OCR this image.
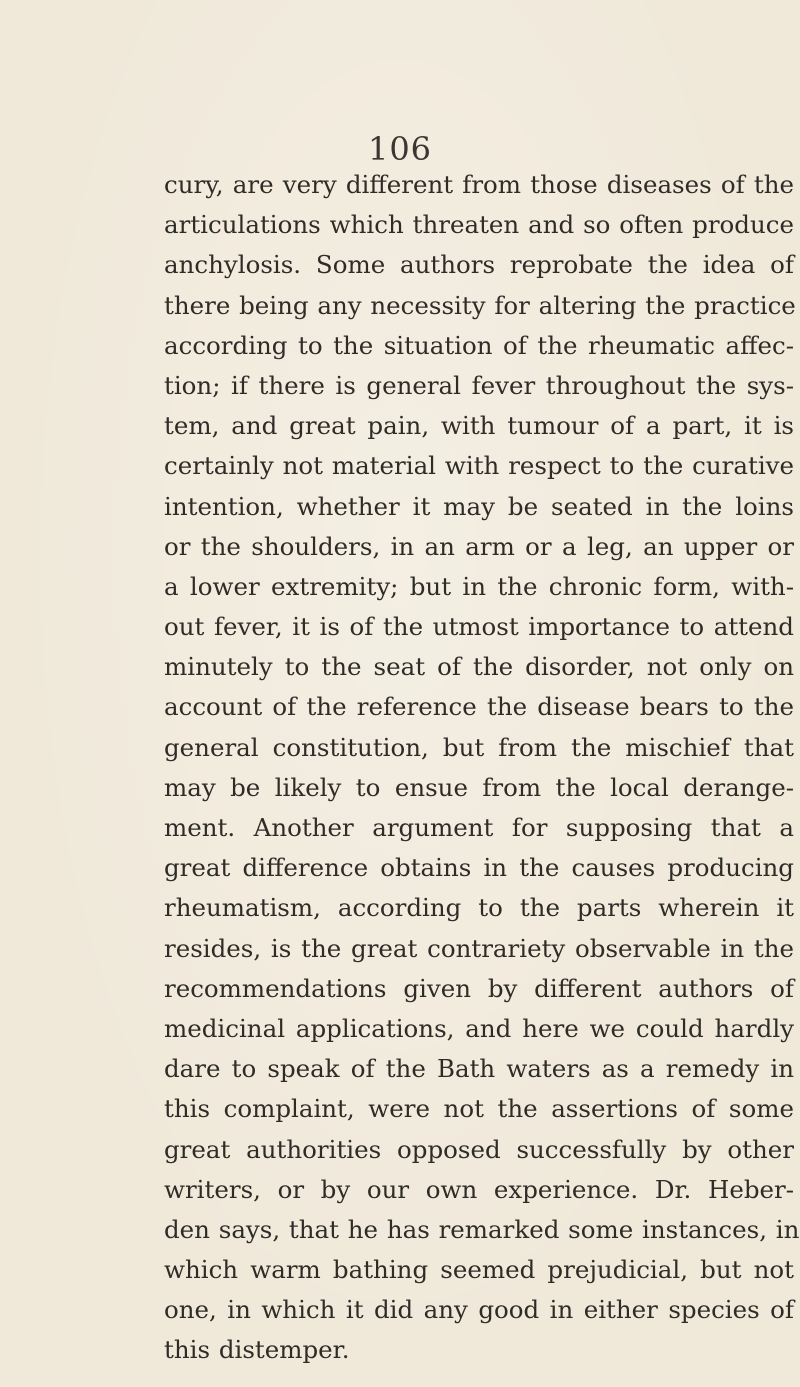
106
cury, are very different from those diseases of the
articulations which threaten and so often produce
anchylosis. Some authors reprobate the idea of
there being any necessity for altering the practice
according to the situation of the rheumatic affec-
tion; if there is general fever throughout the sys-
tem, and great pain, with tumour of a part, it is
certainly not material with respect to the curative
intention, whether it may be seated in the loins
or the shoulders, in an arm or a leg, an upper or
a lower extremity; but in the chronic form, with-
out fever, it is of the utmost importance to attend
minutely to the seat of the disorder, not only on
account of the reference the disease bears to the
general constitution, but from the mischief that
may be likely to ensue from the local derange-
ment. Another argument for supposing that a
great difference obtains in the causes producing
rheumatism, according to the parts wherein it
resides, is the great contrariety observable in the
recommendations given by different authors of
medicinal applications, and here we could hardly
dare to speak of the Bath waters as a remedy in
this complaint, were not the assertions of some
great authorities opposed successfully by other
writers, or by our own experience. Dr. Heber-
den says, that he has remarked some instances, in
which warm bathing seemed prejudicial, but not
one, in which it did any good in either species of
this distemper.
